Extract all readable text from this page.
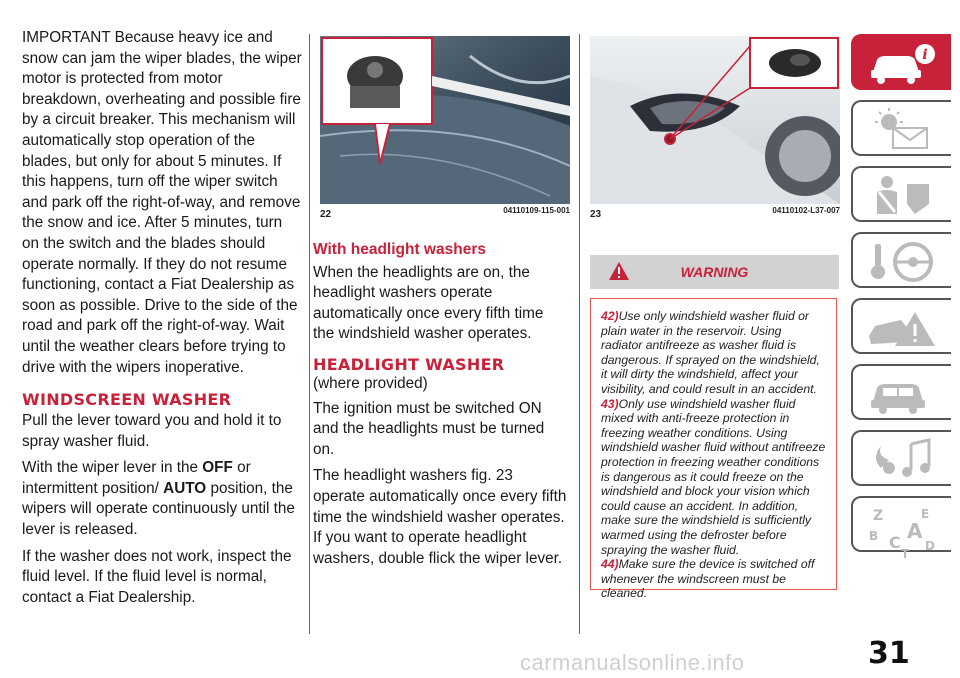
IMPORTANT Because heavy ice and snow can jam the wiper blades, the wiper motor is protected from motor breakdown, overheating and possible fire by a circuit breaker. This mechanism will automatically stop operation of the blades, but only for about 5 minutes. If this happens, turn off the wiper switch and park off the right-of-way, and remove the snow and ice. After 5 minutes, turn on the switch and the blades should operate normally. If they do not resume functioning, contact a Fiat Dealership as soon as possible. Drive to the side of the road and park off the right-of-way. Wait until the weather clears before trying to drive with the wipers inoperative.

WINDSCREEN WASHER

Pull the lever toward you and hold it to spray washer fluid.

With the wiper lever in the OFF or intermittent position/ AUTO position, the wipers will operate continuously until the lever is released.

If the washer does not work, inspect the fluid level. If the fluid level is normal, contact a Fiat Dealership.

22	04110109-115-001 23	04110102-L37-007
With headlight washers

When the headlights are on, the headlight washers operate automatically once every fifth time the windshield washer operates.

HEADLIGHT WASHER

(where provided)

The ignition must be switched ON and the headlights must be turned on.

The headlight washers fig. 23 operate automatically once every fifth time the windshield washer operates. If you want to operate headlight washers, double flick the wiper lever.

WARNING

42)Use only windshield washer fluid or plain water in the reservoir. Using radiator antifreeze as washer fluid is dangerous. If sprayed on the windshield, it will dirty the windshield, affect your visibility, and could result in an accident.

43)Only use windshield washer fluid mixed with anti-freeze protection in freezing weather conditions. Using windshield washer fluid without antifreeze protection in freezing weather conditions is dangerous as it could freeze on the windshield and block your vision which could cause an accident. In addition, make sure the windshield is sufficiently warmed using the defroster before spraying the washer fluid.

44)Make sure the device is switched off whenever the windscreen must be cleaned.

i
Z	E
B A
C D
T
31
carmanualsonline.info
